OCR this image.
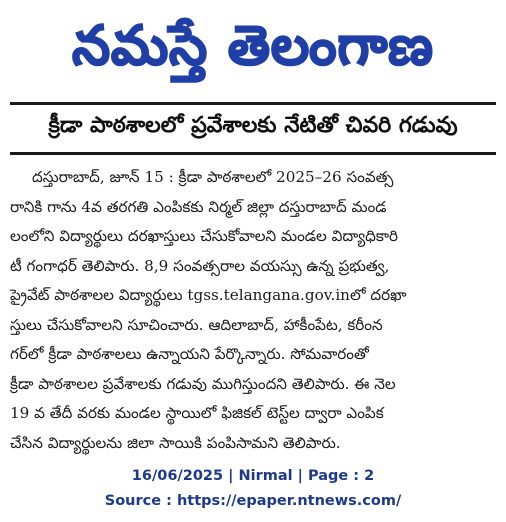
నమస్తే తెలంగాణ
క్రీడా పాఠశాలలో ప్రవేశాలకు నేటితో చివరి గడువు
దస్తురాబాద్, జూన్ 15 : క్రీడా పాఠశాలలో 2025–26 సంవత్స
రానికి గాను 4వ తరగతి ఎంపికకు నిర్మల్ జిల్లా దస్తురాబాద్ మండ
లంలోని విద్యార్థులు దరఖాస్తులు చేసుకోవాలని మండల విద్యాధికారి
టీ గంగాధర్ తెలిపారు. 8,9 సంవత్సరాల వయస్సు ఉన్న ప్రభుత్వ,
ప్రైవేట్ పాఠశాలల విద్యార్థులు tgss.telangana.gov.inలో దరఖా
స్తులు చేసుకోవాలని సూచించారు. ఆదిలాబాద్, హాకీంపేట, కరీంన
గర్‌లో క్రీడా పాఠశాలలు ఉన్నాయని పేర్కొన్నారు. సోమవారంతో
క్రీడా పాఠశాలల ప్రవేశాలకు గడువు ముగిస్తుందని తెలిపారు. ఈ నెల
19 వ తేదీ వరకు మండల స్థాయిలో ఫిజికల్ టెస్ట్‌ల ద్వారా ఎంపిక
చేసిన విద్యార్థులను జిలా సాయికి పంపిసామని తెలిపారు.
16/06/2025 | Nirmal | Page : 2
Source : https://epaper.ntnews.com/
